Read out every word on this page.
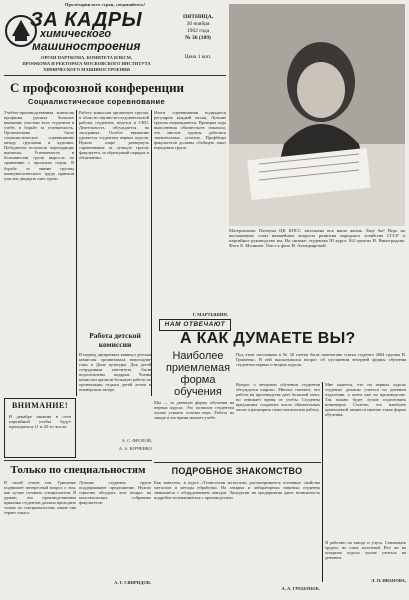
Пролетарии всех стран, соединяйтесь!
ЗА КАДРЫ
химического
машиностроения
ОРГАН ПАРТКОМА, КОМИТЕТА ВЛКСМ,
ПРОФКОМА И РЕКТОРАТА МОСКОВСКОГО ИНСТИТУТА
ХИМИЧЕСКОГО МАШИНОСТРОЕНИЯ
ПЯТНИЦА,
30 ноября
1962 года
№ 36 (189)
Цена 1 коп.
Материалами Пленума ЦК КПСС заполнена вся наша жизнь. Еще бы! Ведь на коллоквиуме стоят важнейшие вопросы развития народного хозяйства СССР и партийное руководство им. На снимке: студентка III курса 162 группы Н. Виноградова. Фото Е. Малинов. Текст к фото И. Ахмедьяровой.
С профсоюзной конференции
Социалистическое соревнование
Учебно-производственная комиссия профкома уделяла большое внимание участию всех студентов в учебе, в борьбе за успеваемость. Организовано было социалистическое соревнование между группами и курсами. Победители получили переходящие вымпелы. Успеваемость в большинстве групп выросла по сравнению с прошлым годом. В борьбе за звание группы коммунистического труда приняли участие двадцать пять групп.
Работу комиссии организует группа, в области научно-исследовательской работы студентов, ведется в СНО. Деятельность обсуждается на заседаниях. Особое внимание уделяется студентам первых курсов. Нужно шире развернуть соревнование за лучшую группу факультета, за образцовый порядок в общежитии.
Итоги соревнования подводятся регулярно каждый месяц. Лучшие группы награждаются. Проверка хода выполнения обязательств показала, что многие группы добились значительных успехов. Профбюро факультетов должны обобщать опыт передовых групп.
Г. МАРТЫШИН.
НАМ ОТВЕЧАЮТ
А КАК ДУМАЕТЕ ВЫ?
Наиболее
приемлемая
форма
обучения
Под этим заголовком в № 30 газеты была напечатана статья студента 2684 группы В. Гришенко. В ней высказывался вопрос об улучшении вечерней формы обучения студентов первых и вторых курсов.
Вопрос о вечернем обучении студентов обсуждался широко. Многие считают, что работа на производстве дает большой опыт, но отнимает время от учебы. Студенты предлагают сократить число обязательных часов и расширить самостоятельную работу.
Мне кажется, что на первых курсах студенты должны учиться на дневном отделении, а затем уже на производстве. Так можно будет лучше подготовить инженеров. Считаю, что наиболее приемлемой является именно такая форма обучения.
Работа детской комиссии
В период двукратных каникул детская комиссия организовала новогодние елки в Доме культуры. Для детей сотрудников института были подготовлены подарки. Члены комиссии провели большую работу по организации отдыха детей летом в пионерском лагере.
Мы — за дневную форму обучения на первых курсах. Это позволит студентам лучше усвоить основы наук. Работа на заводе в это время мешает учебе.
ВНИМАНИЕ!
В декабре занятия в сети партийной учебы будут проходиться 11 и 25-го числа.
А. С. ФРОЛОВ,
А. А. ЮРЧЕНКО
ПОДРОБНОЕ ЗНАКОМСТВО
Как известно, в курсе «Технология металлов» рассматривается основные свойства металлов и методы обработки. На лекциях и лабораторных занятиях студенты знакомятся с оборудованием заводов. Экскурсии на предприятия дают возможность подробно познакомиться с производством.
А. А. ГРЕБЕНЮК.
Только по специальностям
В своей статье тов. Гришенко поднимает интересный вопрос о том, как лучше готовить специалистов. Я думаю, что производственная практика студентов должна проходить только по специальностям, иначе она теряет смысл.
Лучшие студенты групп поддерживают предложение. Нужно серьезно обсудить этот вопрос на комсомольских собраниях факультетов.
А. Г. СВИРИДОВ.
Я работаю на заводе и учусь. Совмещать трудно, но опыт полезный. Все же на младших курсах лучше учиться на дневном.
Л. П. ИВАНОВА,
